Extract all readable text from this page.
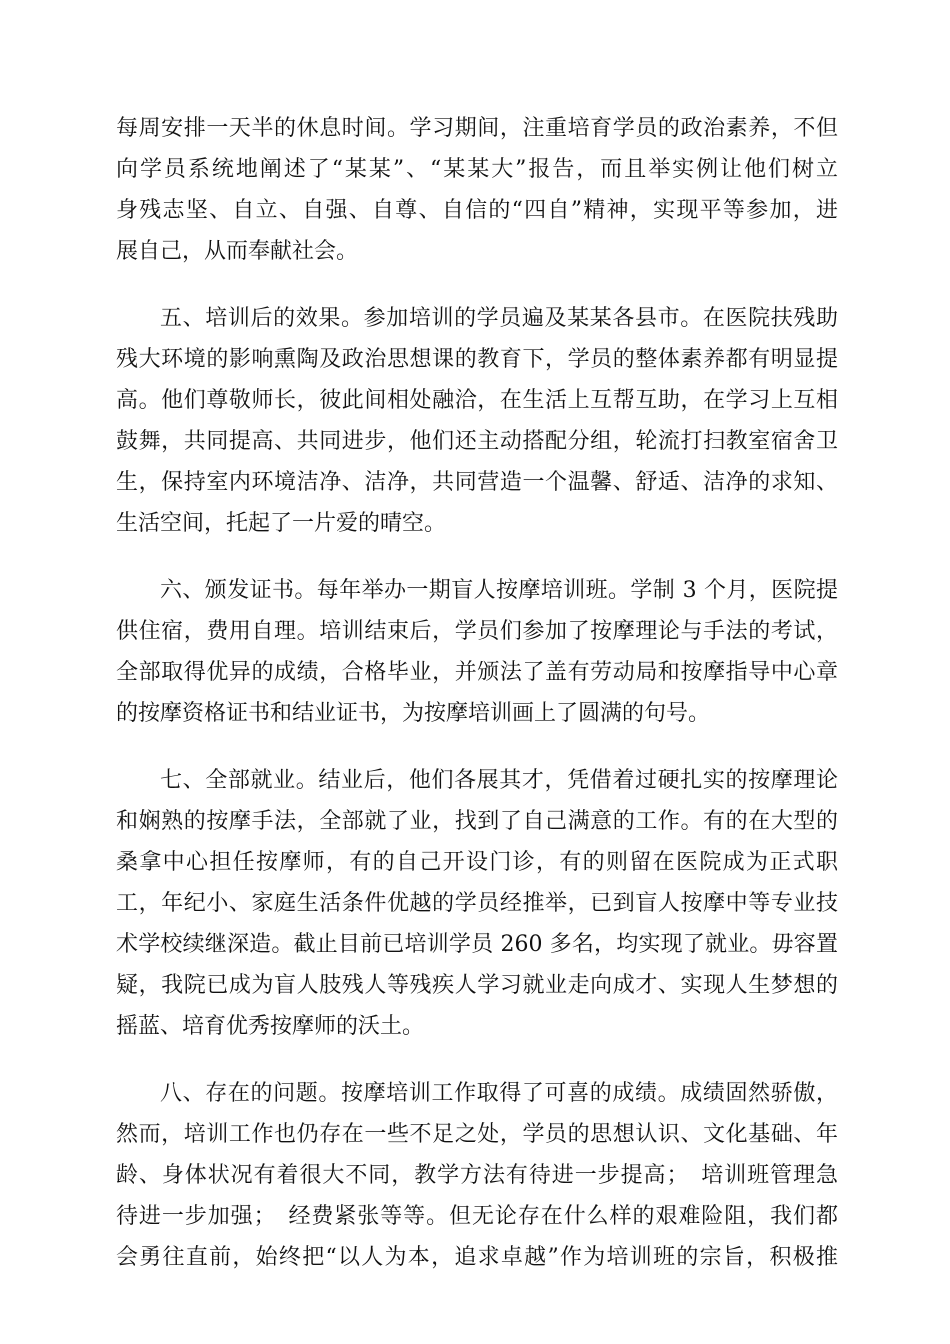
每周安排一天半的休息时间。学习期间，注重培育学员的政治素养，不但
向学员系统地阐述了“某某”、“某某大”报告，而且举实例让他们树立
身残志坚、自立、自强、自尊、自信的“四自”精神，实现平等参加，进
展自己，从而奉献社会。
五、培训后的效果。参加培训的学员遍及某某各县市。在医院扶残助
残大环境的影响熏陶及政治思想课的教育下，学员的整体素养都有明显提
高。他们尊敬师长，彼此间相处融洽，在生活上互帮互助，在学习上互相
鼓舞，共同提高、共同进步，他们还主动搭配分组，轮流打扫教室宿舍卫
生，保持室内环境洁净、洁净，共同营造一个温馨、舒适、洁净的求知、
生活空间，托起了一片爱的晴空。
六、颁发证书。每年举办一期盲人按摩培训班。学制 3 个月，医院提
供住宿，费用自理。培训结束后，学员们参加了按摩理论与手法的考试，
全部取得优异的成绩，合格毕业，并颁法了盖有劳动局和按摩指导中心章
的按摩资格证书和结业证书，为按摩培训画上了圆满的句号。
七、全部就业。结业后，他们各展其才，凭借着过硬扎实的按摩理论
和娴熟的按摩手法，全部就了业，找到了自己满意的工作。有的在大型的
桑拿中心担任按摩师，有的自己开设门诊，有的则留在医院成为正式职
工，年纪小、家庭生活条件优越的学员经推举，已到盲人按摩中等专业技
术学校续继深造。截止目前已培训学员 260 多名，均实现了就业。毋容置
疑，我院已成为盲人肢残人等残疾人学习就业走向成才、实现人生梦想的
摇蓝、培育优秀按摩师的沃土。
八、存在的问题。按摩培训工作取得了可喜的成绩。成绩固然骄傲，
然而，培训工作也仍存在一些不足之处，学员的思想认识、文化基础、年
龄、身体状况有着很大不同，教学方法有待进一步提高；　培训班管理急
待进一步加强；　经费紧张等等。但无论存在什么样的艰难险阻，我们都
会勇往直前，始终把“以人为本，追求卓越”作为培训班的宗旨，积极推
